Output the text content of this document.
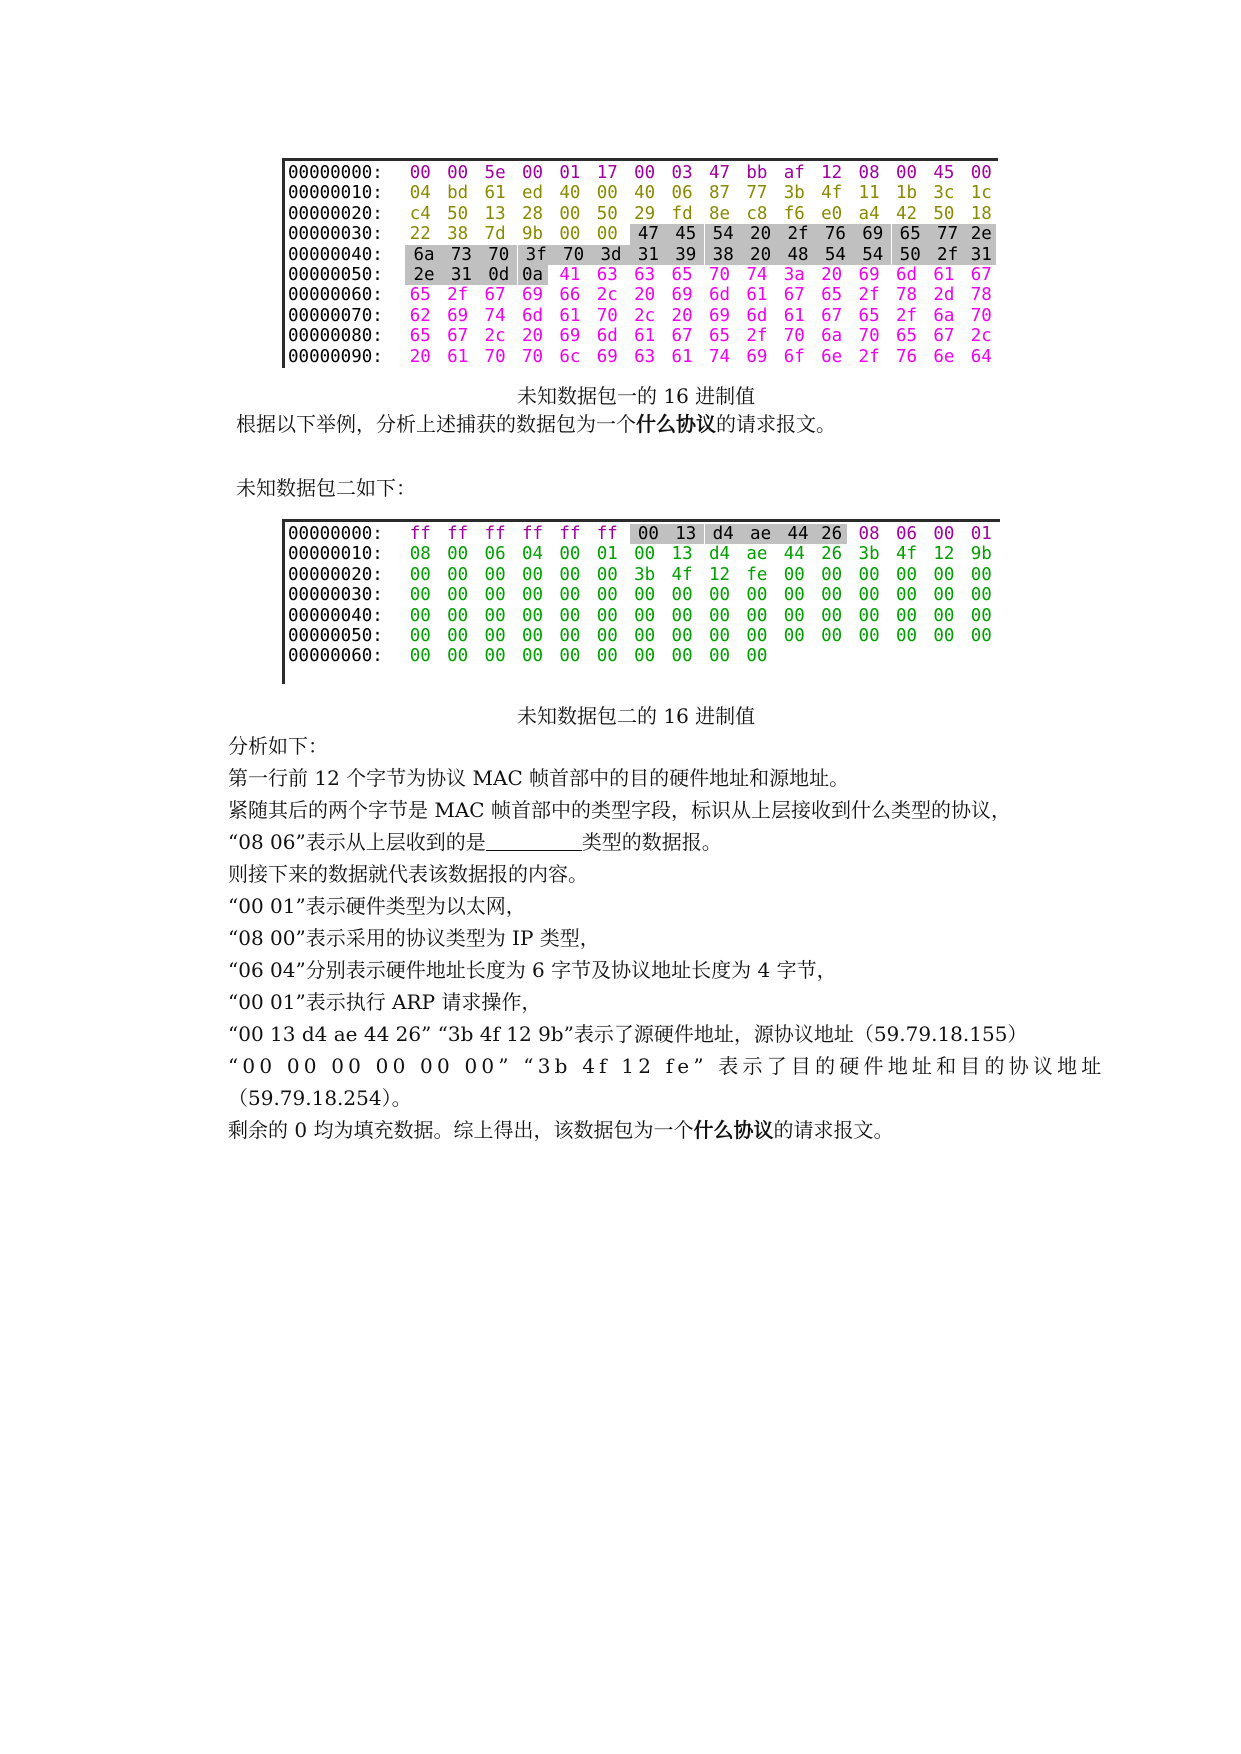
00000000: 00 00 5e 00 01 17 00 03 47 bb af 12 08 00 45 00
00000010: 04 bd 61 ed 40 00 40 06 87 77 3b 4f 11 1b 3c 1c
00000020: c4 50 13 28 00 50 29 fd 8e c8 f6 e0 a4 42 50 18
00000030: 22 38 7d 9b 00 00	47 45 54 20 2f 76 69 65 77 2e
00000040:	6a 73 70 3f 70 3d 31 39 38 20 48 54 54 50 2f 31
00000050:	2e 31 0d 0a 41 63 63 65 70 74 3a 20 69 6d 61 67
00000060: 65 2f 67 69 66 2c 20 69 6d 61 67 65 2f 78 2d 78
00000070: 62 69 74 6d 61 70 2c 20 69 6d 61 67 65 2f 6a 70
00000080: 65 67 2c 20 69 6d 61 67 65 2f 70 6a 70 65 67 2c
00000090: 20 61 70 70 6c 69 63 61 74 69 6f 6e 2f 76 6e 64
未知数据包一的 16 进制值
根据以下举例，分析上述捕获的数据包为一个什么协议的请求报文。
未知数据包二如下：
00000000: ff ff ff ff ff ff	00 13 d4 ae 44 26 08 06 00 01
00000010: 08 00 06 04 00 01 00 13 d4 ae 44 26 3b 4f 12 9b
00000020: 00 00 00 00 00 00 3b 4f 12 fe 00 00 00 00 00 00
00000030: 00 00 00 00 00 00 00 00 00 00 00 00 00 00 00 00
00000040: 00 00 00 00 00 00 00 00 00 00 00 00 00 00 00 00
00000050: 00 00 00 00 00 00 00 00 00 00 00 00 00 00 00 00
00000060: 00 00 00 00 00 00 00 00 00 00
未知数据包二的 16 进制值
分析如下：
第一行前 12 个字节为协议 MAC 帧首部中的目的硬件地址和源地址。
紧随其后的两个字节是 MAC 帧首部中的类型字段，标识从上层接收到什么类型的协议，
“08 06”表示从上层收到的是	类型的数据报。
则接下来的数据就代表该数据报的内容。
“00 01”表示硬件类型为以太网，
“08 00”表示采用的协议类型为 IP 类型，
“06 04”分别表示硬件地址长度为 6 字节及协议地址长度为 4 字节，
“00 01”表示执行 ARP 请求操作，
“00 13 d4 ae 44 26” “3b 4f 12 9b”表示了源硬件地址，源协议地址（59.79.18.155）
“00 00 00 00 00 00” “3b 4f 12 fe” 表示了目的硬件地址和目的协议地址
（59.79.18.254）。
剩余的 0 均为填充数据。综上得出，该数据包为一个什么协议的请求报文。
